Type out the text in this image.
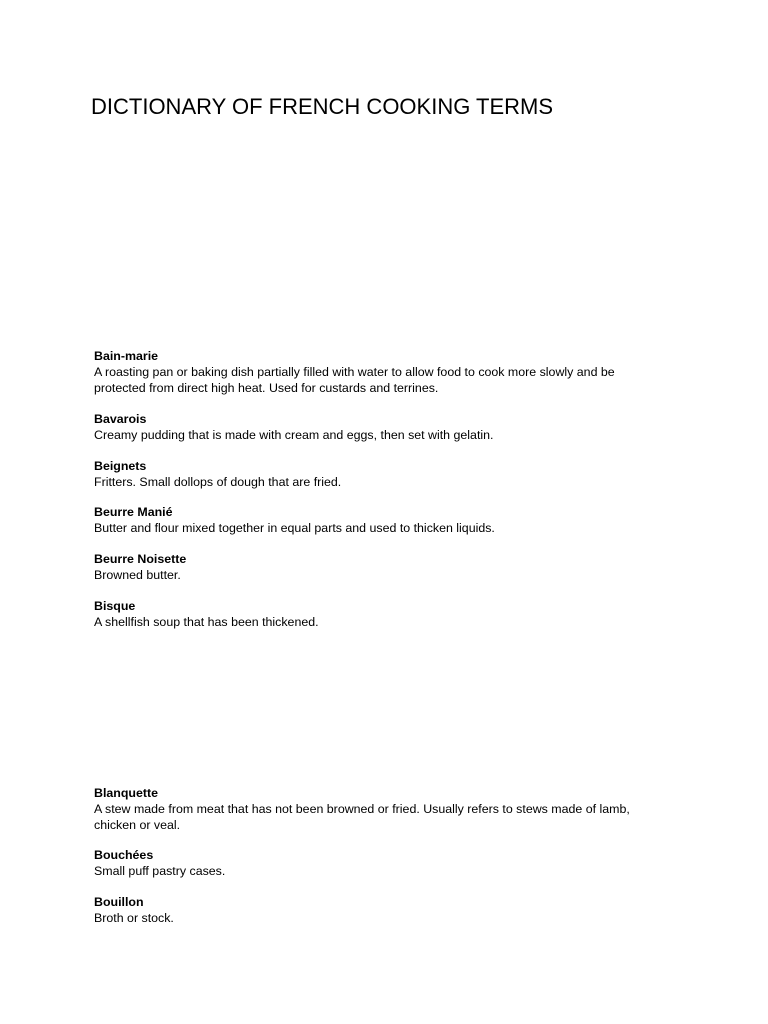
DICTIONARY OF FRENCH COOKING TERMS
Bain-marie
A roasting pan or baking dish partially filled with water to allow food to cook more slowly and be
protected from direct high heat. Used for custards and terrines.
Bavarois
Creamy pudding that is made with cream and eggs, then set with gelatin.
Beignets
Fritters. Small dollops of dough that are fried.
Beurre Manié
Butter and flour mixed together in equal parts and used to thicken liquids.
Beurre Noisette
Browned butter.
Bisque
A shellfish soup that has been thickened.
Blanquette
A stew made from meat that has not been browned or fried. Usually refers to stews made of lamb,
chicken or veal.
Bouchées
Small puff pastry cases.
Bouillon
Broth or stock.
